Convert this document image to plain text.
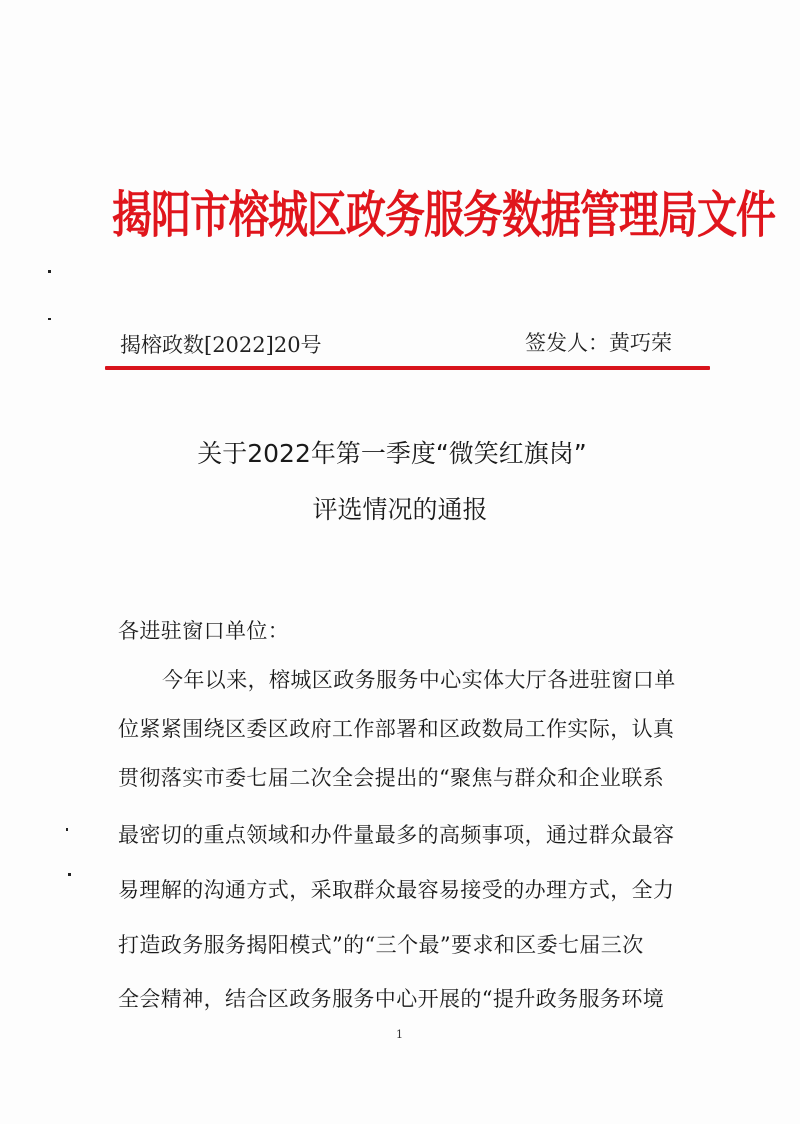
揭阳市榕城区政务服务数据管理局文件
揭榕政数[2022]20号	签发人：黄巧荣
关于2022年第一季度“微笑红旗岗”
评选情况的通报
各进驻窗口单位：
今年以来，榕城区政务服务中心实体大厅各进驻窗口单
位紧紧围绕区委区政府工作部署和区政数局工作实际，认真
贯彻落实市委七届二次全会提出的“聚焦与群众和企业联系
最密切的重点领域和办件量最多的高频事项，通过群众最容
易理解的沟通方式，采取群众最容易接受的办理方式，全力
打造政务服务揭阳模式”的“三个最”要求和区委七届三次
全会精神，结合区政务服务中心开展的“提升政务服务环境
1
